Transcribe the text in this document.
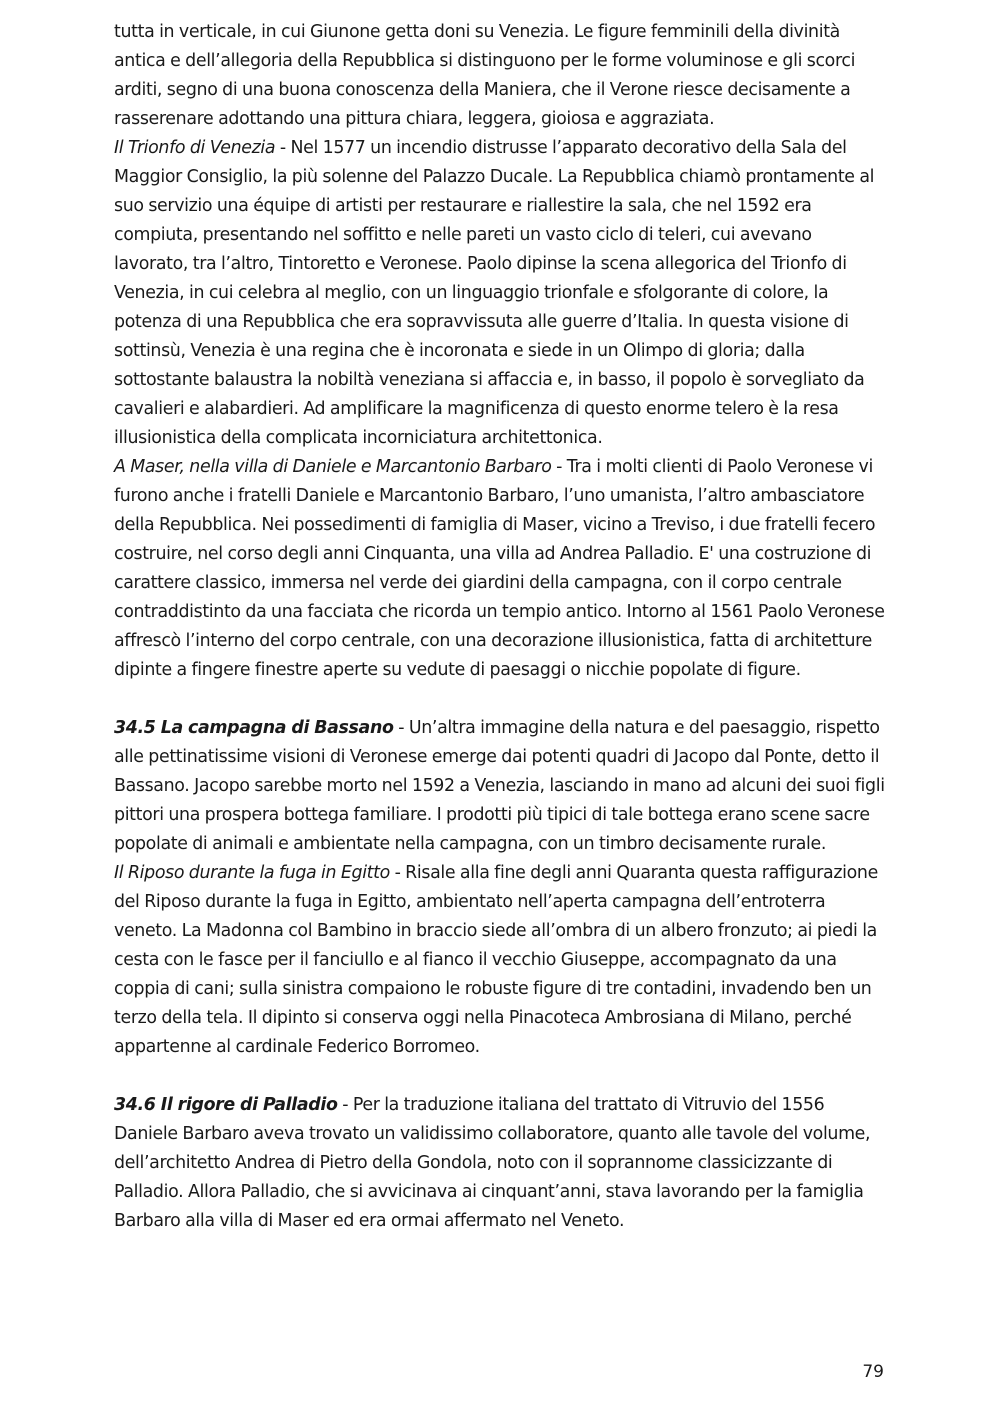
tutta in verticale, in cui Giunone getta doni su Venezia. Le figure femminili della divinità antica e dell’allegoria della Repubblica si distinguono per le forme voluminose e gli scorci arditi, segno di una buona conoscenza della Maniera, che il Verone riesce decisamente a rasserenare adottando una pittura chiara, leggera, gioiosa e aggraziata.

Il Trionfo di Venezia - Nel 1577 un incendio distrusse l’apparato decorativo della Sala del Maggior Consiglio, la più solenne del Palazzo Ducale. La Repubblica chiamò prontamente al suo servizio una équipe di artisti per restaurare e riallestire la sala, che nel 1592 era compiuta, presentando nel soffitto e nelle pareti un vasto ciclo di teleri, cui avevano lavorato, tra l’altro, Tintoretto e Veronese. Paolo dipinse la scena allegorica del Trionfo di Venezia, in cui celebra al meglio, con un linguaggio trionfale e sfolgorante di colore, la potenza di una Repubblica che era sopravvissuta alle guerre d’Italia. In questa visione di sottinsù, Venezia è una regina che è incoronata e siede in un Olimpo di gloria; dalla sottostante balaustra la nobiltà veneziana si affaccia e, in basso, il popolo è sorvegliato da cavalieri e alabardieri. Ad amplificare la magnificenza di questo enorme telero è la resa illusionistica della complicata incorniciatura architettonica.

A Maser, nella villa di Daniele e Marcantonio Barbaro - Tra i molti clienti di Paolo Veronese vi furono anche i fratelli Daniele e Marcantonio Barbaro, l’uno umanista, l’altro ambasciatore della Repubblica. Nei possedimenti di famiglia di Maser, vicino a Treviso, i due fratelli fecero costruire, nel corso degli anni Cinquanta, una villa ad Andrea Palladio. E' una costruzione di carattere classico, immersa nel verde dei giardini della campagna, con il corpo centrale contraddistinto da una facciata che ricorda un tempio antico. Intorno al 1561 Paolo Veronese affrescò l’interno del corpo centrale, con una decorazione illusionistica, fatta di architetture dipinte a fingere finestre aperte su vedute di paesaggi o nicchie popolate di figure.

34.5 La campagna di Bassano - Un’altra immagine della natura e del paesaggio, rispetto alle pettinatissime visioni di Veronese emerge dai potenti quadri di Jacopo dal Ponte, detto il Bassano. Jacopo sarebbe morto nel 1592 a Venezia, lasciando in mano ad alcuni dei suoi figli pittori una prospera bottega familiare. I prodotti più tipici di tale bottega erano scene sacre popolate di animali e ambientate nella campagna, con un timbro decisamente rurale.

Il Riposo durante la fuga in Egitto - Risale alla fine degli anni Quaranta questa raffigurazione del Riposo durante la fuga in Egitto, ambientato nell’aperta campagna dell’entroterra veneto. La Madonna col Bambino in braccio siede all’ombra di un albero fronzuto; ai piedi la cesta con le fasce per il fanciullo e al fianco il vecchio Giuseppe, accompagnato da una coppia di cani; sulla sinistra compaiono le robuste figure di tre contadini, invadendo ben un terzo della tela. Il dipinto si conserva oggi nella Pinacoteca Ambrosiana di Milano, perché appartenne al cardinale Federico Borromeo.

34.6 Il rigore di Palladio - Per la traduzione italiana del trattato di Vitruvio del 1556 Daniele Barbaro aveva trovato un validissimo collaboratore, quanto alle tavole del volume, dell’architetto Andrea di Pietro della Gondola, noto con il soprannome classicizzante di Palladio. Allora Palladio, che si avvicinava ai cinquant’anni, stava lavorando per la famiglia Barbaro alla villa di Maser ed era ormai affermato nel Veneto.

79
